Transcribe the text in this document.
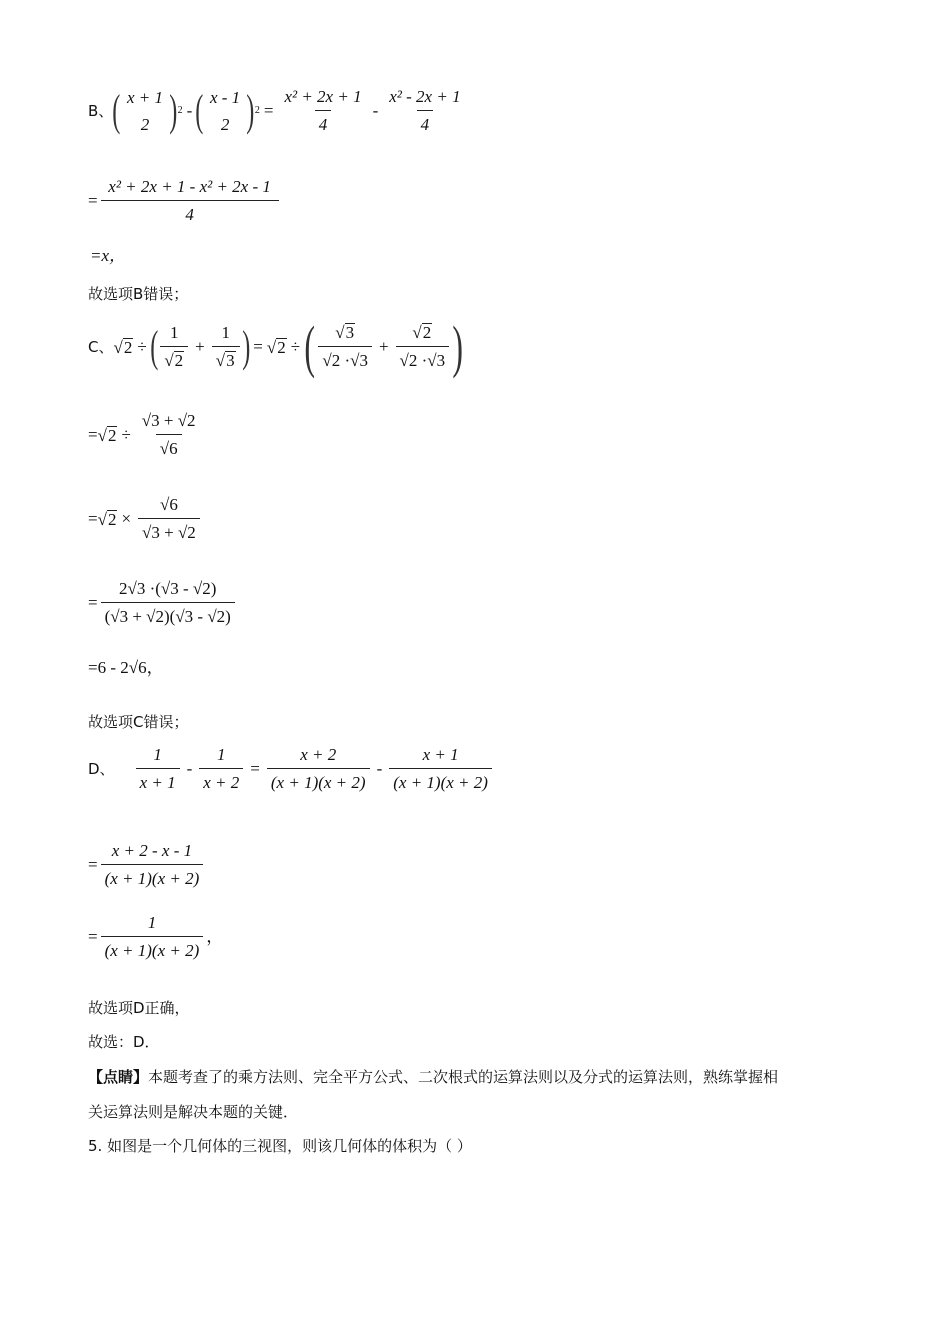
B、 ( x + 1
2 ) 2 - ( x - 1
2 ) $2 = \frac{\text{x² + 2x + 1}}{4} - \frac{\text{x² - 2x + 1}}{4}$
= $\frac{\text{x² + 2x + 1 - x² + 2x - 1}}{4}$
=x，
故选项B错误；
C、 √ 2 ÷ ( $\frac{1}{√ 2} + \frac{1}{√ 3}$ ) = √ 2 ÷ ( $\frac{√ 3}{√2 \cdot√3} + \frac{√ 2}{√2 \cdot√3}$ )
= √ $2 \div \frac{√3 + √2}{√6}$
= √ $2 \times \frac{√6}{√3 + √2}$
= $\frac{2√3 \cdot(√3 - √2)}{(√3 + √2)(√3 - √2)}$
=6 - 2√6，
故选项C错误；
D、 $\frac{1}{x + 1} - \frac{1}{x + 2} = \frac{x + 2}{(x + 1)(x + 2)} - \frac{x + 1}{(x + 1)(x + 2)}$
= $\frac{x + 2 - x - 1}{(x + 1)(x + 2)}$
= $\frac{1}{(x + 1)(x + 2)}$ ，
故选项D正确，
故选：D．
【点睛】本题考查了的乘方法则、完全平方公式、二次根式的运算法则以及分式的运算法则，熟练掌握相
关运算法则是解决本题的关键．
5. 如图是一个几何体的三视图，则该几何体的体积为（ ）
